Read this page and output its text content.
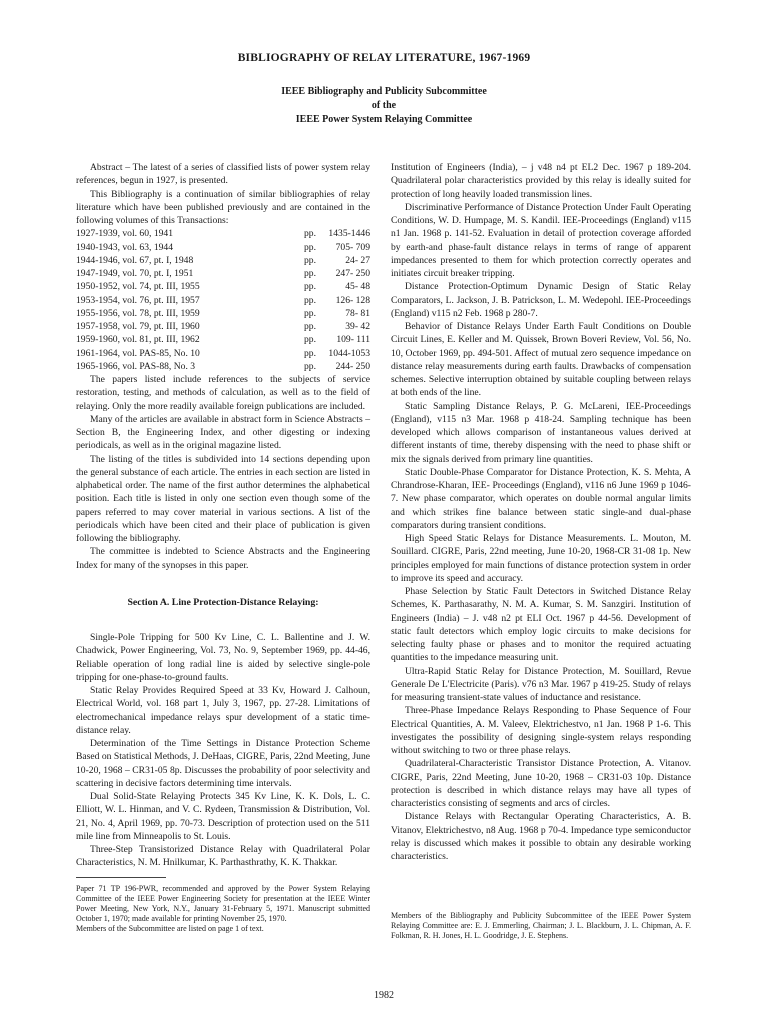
BIBLIOGRAPHY OF RELAY LITERATURE, 1967-1969
IEEE Bibliography and Publicity Subcommittee
of the
IEEE Power System Relaying Committee

Abstract – The latest of a series of classified lists of power system relay references, begun in 1927, is presented.

This Bibliography is a continuation of similar bibliographies of relay literature which have been published previously and are contained in the following volumes of this Transactions:

1927-1939, vol. 60, 1941	pp. 1435-1446
1940-1943, vol. 63, 1944	pp. 705- 709
1944-1946, vol. 67, pt. I, 1948	pp.	24- 27
1947-1949, vol. 70, pt. I, 1951	pp. 247- 250
1950-1952, vol. 74, pt. III, 1955	pp.	45- 48
1953-1954, vol. 76, pt. III, 1957	pp. 126- 128
1955-1956, vol. 78, pt. III, 1959	pp.	78- 81
1957-1958, vol. 79, pt. III, 1960	pp.	39- 42
1959-1960, vol. 81, pt. III, 1962	pp. 109- 111
1961-1964, vol. PAS-85, No. 10	pp. 1044-1053
1965-1966, vol. PAS-88, No. 3	pp. 244- 250

The papers listed include references to the subjects of service restoration, testing, and methods of calculation, as well as to the field of relaying. Only the more readily available foreign publications are included.

Many of the articles are available in abstract form in Science Abstracts – Section B, the Engineering Index, and other digesting or indexing periodicals, as well as in the original magazine listed.

The listing of the titles is subdivided into 14 sections depending upon the general substance of each article. The entries in each section are listed in alphabetical order. The name of the first author determines the alphabetical position. Each title is listed in only one section even though some of the papers referred to may cover material in various sections. A list of the periodicals which have been cited and their place of publication is given following the bibliography.

The committee is indebted to Science Abstracts and the Engineering Index for many of the synopses in this paper.

Section A. Line Protection-Distance Relaying:

Single-Pole Tripping for 500 Kv Line, C. L. Ballentine and J. W. Chadwick, Power Engineering, Vol. 73, No. 9, September 1969, pp. 44-46, Reliable operation of long radial line is aided by selective single-pole tripping for one-phase-to-ground faults.

Static Relay Provides Required Speed at 33 Kv, Howard J. Calhoun, Electrical World, vol. 168 part 1, July 3, 1967, pp. 27-28. Limitations of electromechanical impedance relays spur development of a static time-distance relay.

Determination of the Time Settings in Distance Protection Scheme Based on Statistical Methods, J. DeHaas, CIGRE, Paris, 22nd Meeting, June 10-20, 1968 – CR31-05 8p. Discusses the probability of poor selectivity and scattering in decisive factors determining time intervals.

Dual Solid-State Relaying Protects 345 Kv Line, K. K. Dols, L. C. Elliott, W. L. Hinman, and V. C. Rydeen, Transmission & Distribution, Vol. 21, No. 4, April 1969, pp. 70-73. Description of protection used on the 511 mile line from Minneapolis to St. Louis.

Three-Step Transistorized Distance Relay with Quadrilateral Polar Characteristics, N. M. Hnilkumar, K. Parthasthrathy, K. K. Thakkar.

Institution of Engineers (India), – j v48 n4 pt EL2 Dec. 1967 p 189-204. Quadrilateral polar characteristics provided by this relay is ideally suited for protection of long heavily loaded transmission lines.

Discriminative Performance of Distance Protection Under Fault Operating Conditions, W. D. Humpage, M. S. Kandil. IEE-Proceedings (England) v115 n1 Jan. 1968 p. 141-52. Evaluation in detail of protection coverage afforded by earth-and phase-fault distance relays in terms of range of apparent impedances presented to them for which protection correctly operates and initiates circuit breaker tripping.

Distance Protection-Optimum Dynamic Design of Static Relay Comparators, L. Jackson, J. B. Patrickson, L. M. Wedepohl. IEE-Proceedings (England) v115 n2 Feb. 1968 p 280-7.

Behavior of Distance Relays Under Earth Fault Conditions on Double Circuit Lines, E. Keller and M. Quissek, Brown Boveri Review, Vol. 56, No. 10, October 1969, pp. 494-501. Affect of mutual zero sequence impedance on distance relay measurements during earth faults. Drawbacks of compensation schemes. Selective interruption obtained by suitable coupling between relays at both ends of the line.

Static Sampling Distance Relays, P. G. McLareni, IEE-Proceedings (England), v115 n3 Mar. 1968 p 418-24. Sampling technique has been developed which allows comparison of instantaneous values derived at different instants of time, thereby dispensing with the need to phase shift or mix the signals derived from primary line quantities.

Static Double-Phase Comparator for Distance Protection, K. S. Mehta, A Chrandrose-Kharan, IEE- Proceedings (England), v116 n6 June 1969 p 1046-7. New phase comparator, which operates on double normal angular limits and which strikes fine balance between static single-and dual-phase comparators during transient conditions.

High Speed Static Relays for Distance Measurements. L. Mouton, M. Souillard. CIGRE, Paris, 22nd meeting, June 10-20, 1968-CR 31-08 1p. New principles employed for main functions of distance protection system in order to improve its speed and accuracy.

Phase Selection by Static Fault Detectors in Switched Distance Relay Schemes, K. Parthasarathy, N. M. A. Kumar, S. M. Sanzgiri. Institution of Engineers (India) – J. v48 n2 pt ELI Oct. 1967 p 44-56. Development of static fault detectors which employ logic circuits to make decisions for selecting faulty phase or phases and to monitor the required actuating quantities to the impedance measuring unit.

Ultra-Rapid Static Relay for Distance Protection, M. Souillard, Revue Generale De L'Electricite (Paris). v76 n3 Mar. 1967 p 419-25. Study of relays for measuring transient-state values of inductance and resistance.

Three-Phase Impedance Relays Responding to Phase Sequence of Four Electrical Quantities, A. M. Valeev, Elektrichestvo, n1 Jan. 1968 P 1-6. This investigates the possibility of designing single-system relays responding without switching to two or three phase relays.

Quadrilateral-Characteristic Transistor Distance Protection, A. Vitanov. CIGRE, Paris, 22nd Meeting, June 10-20, 1968 – CR31-03 10p. Distance protection is described in which distance relays may have all types of characteristics consisting of segments and arcs of circles.

Distance Relays with Rectangular Operating Characteristics, A. B. Vitanov, Elektrichestvo, n8 Aug. 1968 p 70-4. Impedance type semiconductor relay is discussed which makes it possible to obtain any desirable working characteristics.

Paper 71 TP 196-PWR, recommended and approved by the Power System Relaying Committee of the IEEE Power Engineering Society for presentation at the IEEE Winter Power Meeting, New York, N.Y., January 31-February 5, 1971. Manuscript submitted October 1, 1970; made available for printing November 25, 1970.
Members of the Subcommittee are listed on page 1 of text.
Members of the Bibliography and Publicity Subcommittee of the IEEE Power System Relaying Committee are: E. J. Emmerling, Chairman; J. L. Blackburn, J. L. Chipman, A. F. Folkman, R. H. Jones, H. L. Goodridge, J. E. Stephens.
1982
